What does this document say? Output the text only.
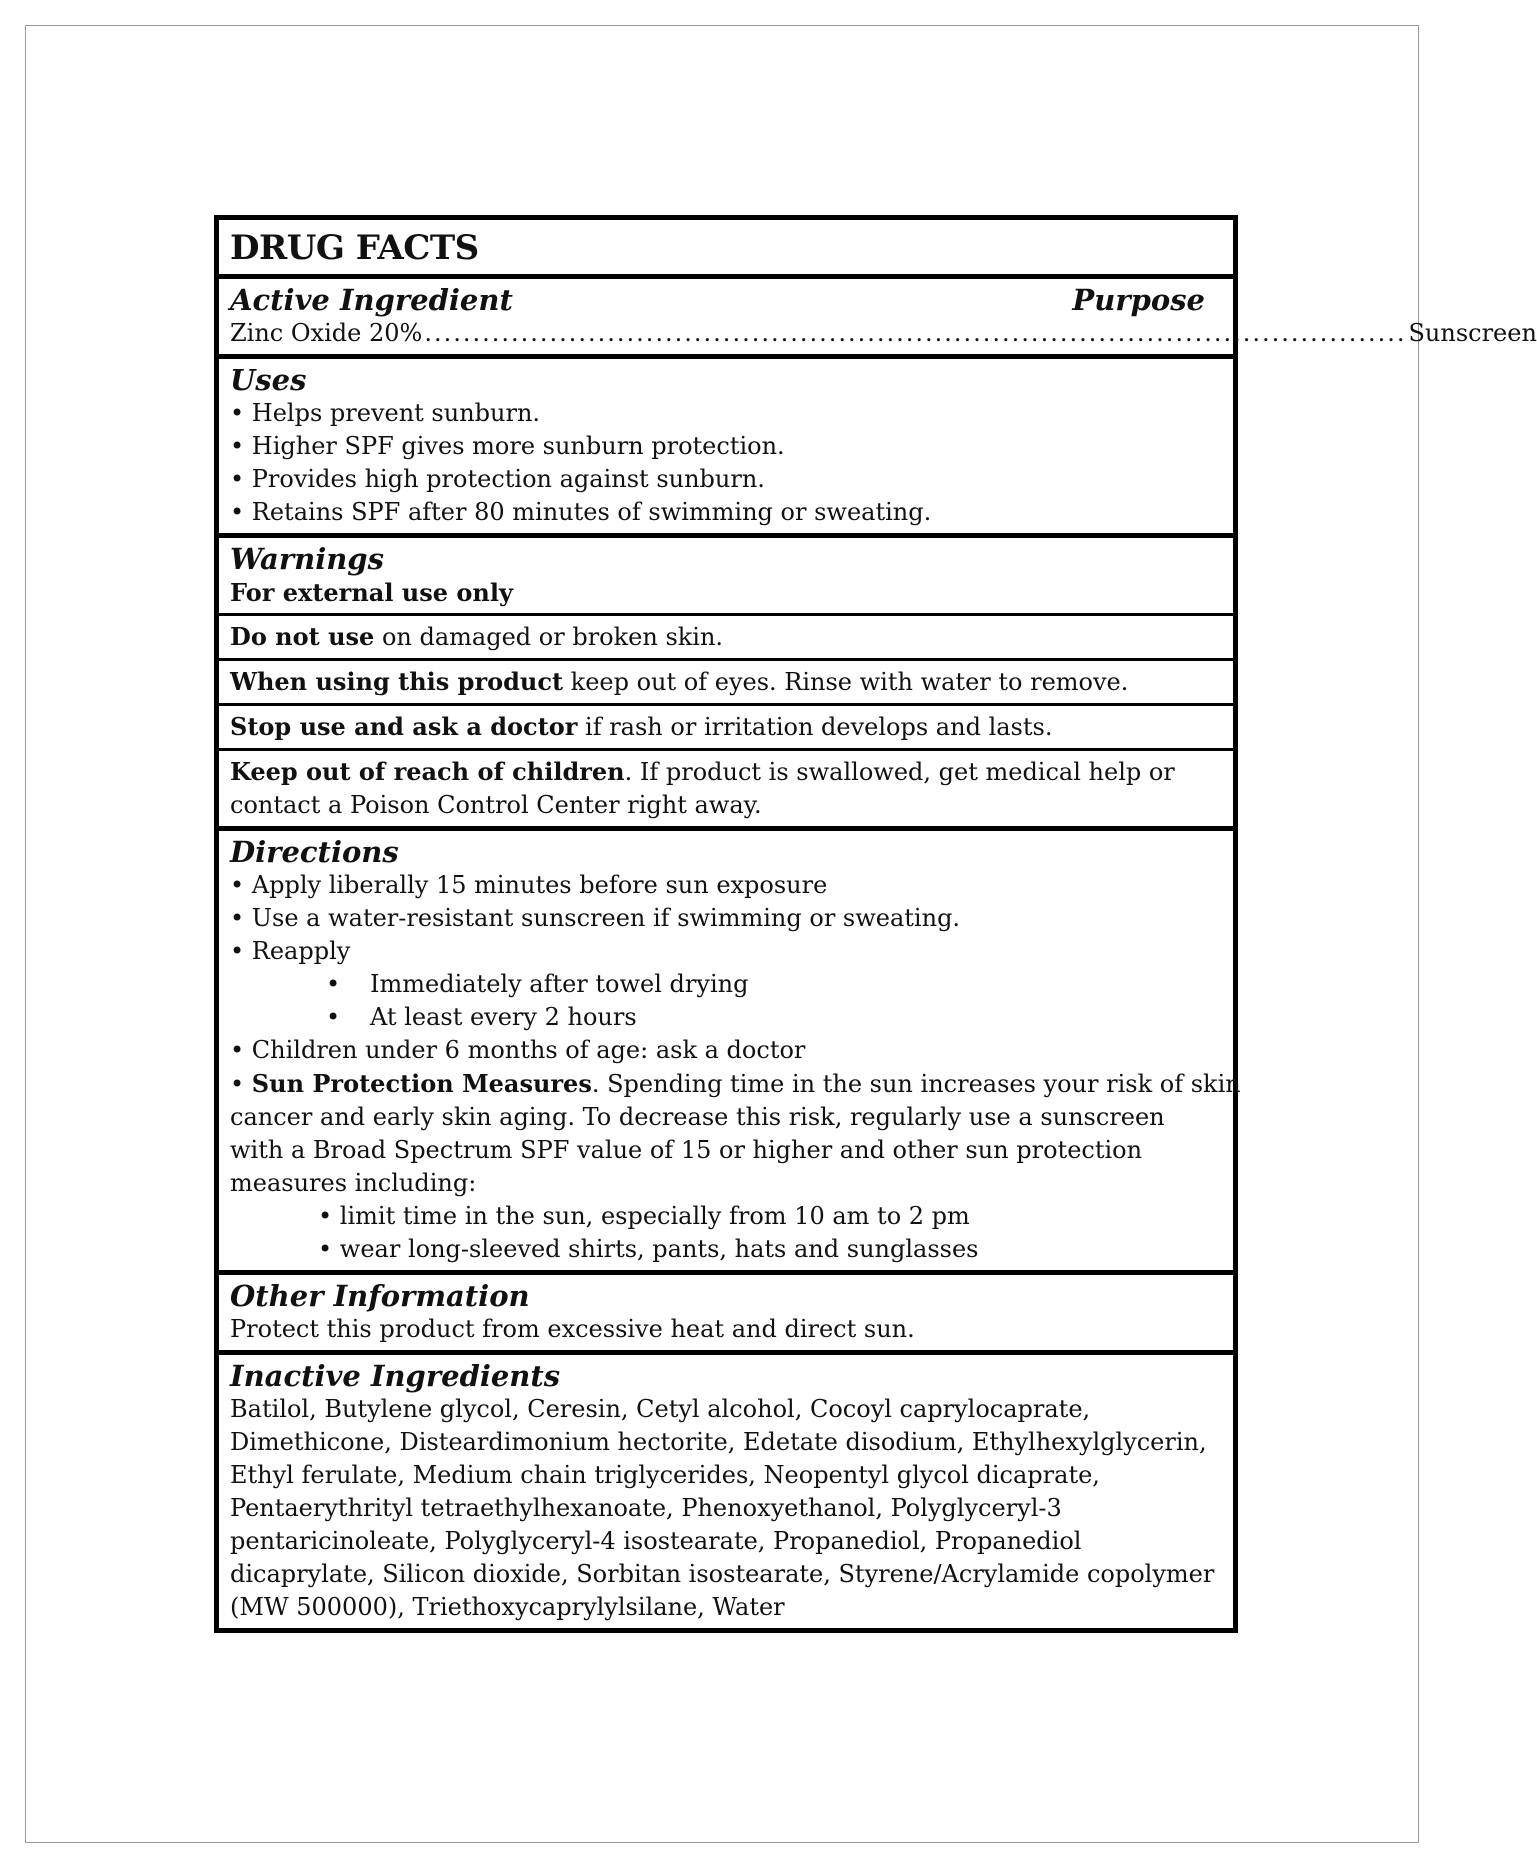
DRUG FACTS
Active Ingredient	Purpose
Zinc Oxide 20% ...................................................................................................... Sunscreen
Uses
• Helps prevent sunburn.
• Higher SPF gives more sunburn protection.
• Provides high protection against sunburn.
• Retains SPF after 80 minutes of swimming or sweating.
Warnings
For external use only
Do not use on damaged or broken skin.
When using this product keep out of eyes. Rinse with water to remove.
Stop use and ask a doctor if rash or irritation develops and lasts.
Keep out of reach of children. If product is swallowed, get medical help or
contact a Poison Control Center right away.
Directions
• Apply liberally 15 minutes before sun exposure
• Use a water-resistant sunscreen if swimming or sweating.
• Reapply
•	Immediately after towel drying
•	At least every 2 hours
• Children under 6 months of age: ask a doctor
• Sun Protection Measures. Spending time in the sun increases your risk of skin
cancer and early skin aging. To decrease this risk, regularly use a sunscreen
with a Broad Spectrum SPF value of 15 or higher and other sun protection
measures including:
• limit time in the sun, especially from 10 am to 2 pm
• wear long-sleeved shirts, pants, hats and sunglasses
Other Information
Protect this product from excessive heat and direct sun.
Inactive Ingredients
Batilol, Butylene glycol, Ceresin, Cetyl alcohol, Cocoyl caprylocaprate,
Dimethicone, Disteardimonium hectorite, Edetate disodium, Ethylhexylglycerin,
Ethyl ferulate, Medium chain triglycerides, Neopentyl glycol dicaprate,
Pentaerythrityl tetraethylhexanoate, Phenoxyethanol, Polyglyceryl-3
pentaricinoleate, Polyglyceryl-4 isostearate, Propanediol, Propanediol
dicaprylate, Silicon dioxide, Sorbitan isostearate, Styrene/Acrylamide copolymer
(MW 500000), Triethoxycaprylylsilane, Water
